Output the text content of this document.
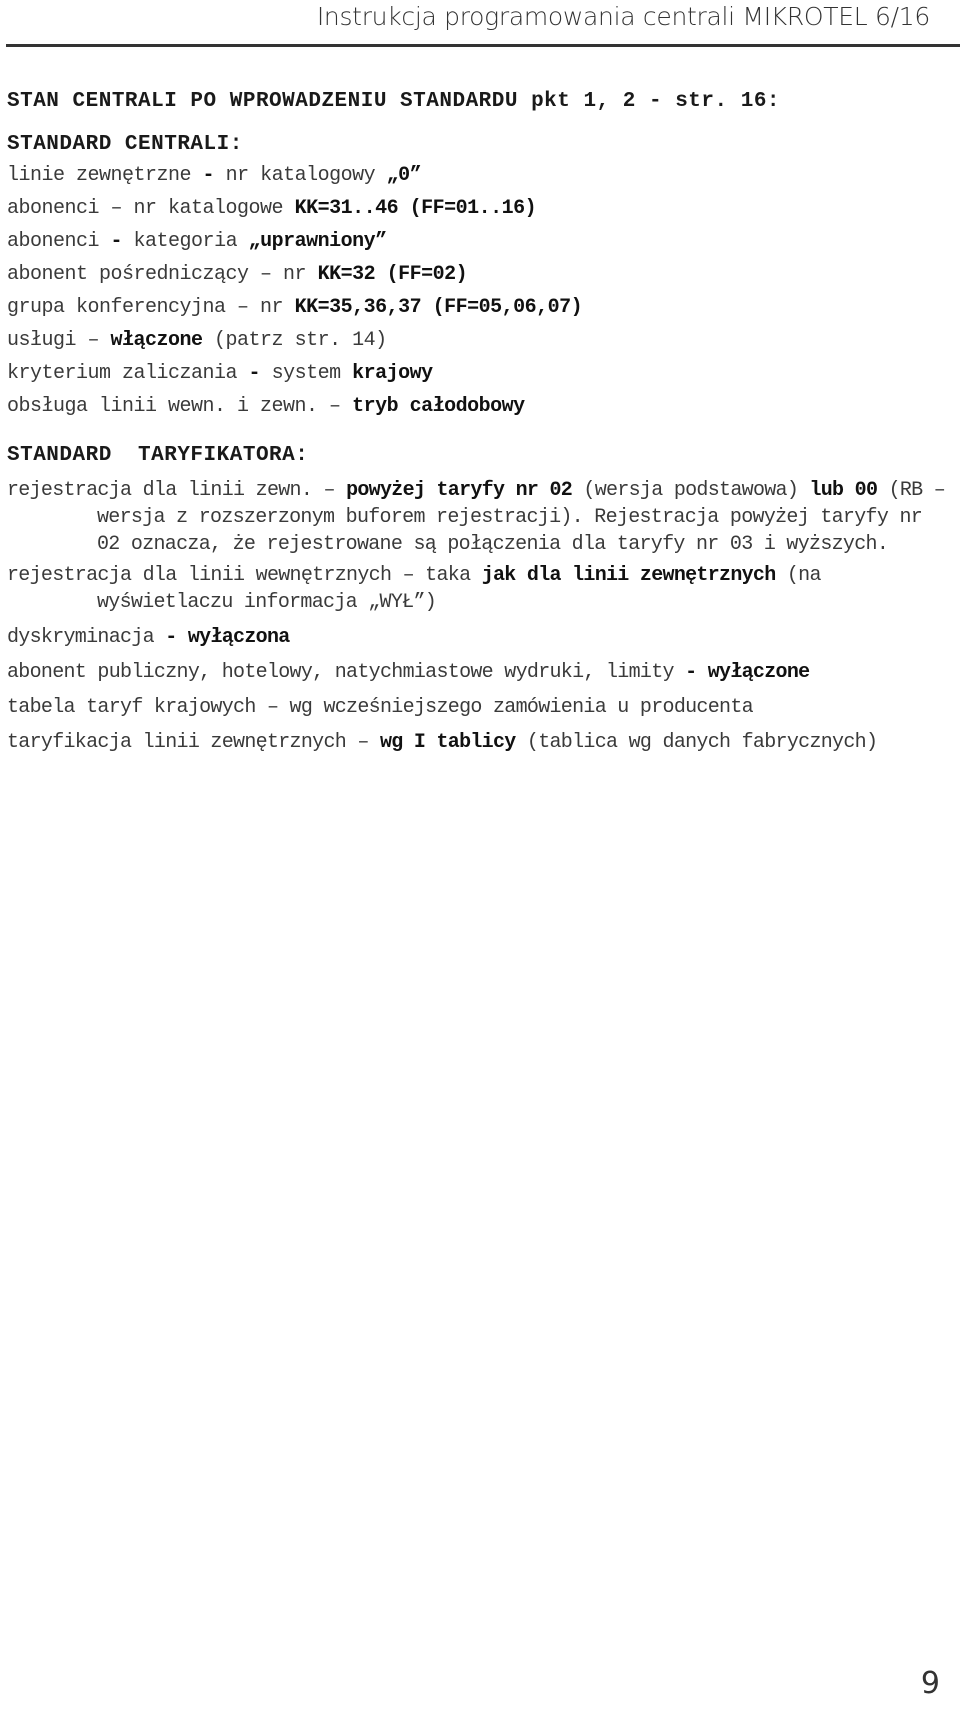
Instrukcja programowania centrali MIKROTEL 6/16
STAN CENTRALI PO WPROWADZENIU STANDARDU pkt 1, 2 - str. 16:
STANDARD CENTRALI:
linie zewnętrzne - nr katalogowy „0”
abonenci – nr katalogowe KK=31..46 (FF=01..16)
abonenci - kategoria „uprawniony”
abonent pośredniczący – nr KK=32 (FF=02)
grupa konferencyjna – nr KK=35,36,37 (FF=05,06,07)
usługi – włączone (patrz str. 14)
kryterium zaliczania - system krajowy
obsługa linii wewn. i zewn. – tryb całodobowy
STANDARD  TARYFIKATORA:
rejestracja dla linii zewn. – powyżej taryfy nr 02 (wersja podstawowa) lub 00 (RB – wersja z rozszerzonym buforem rejestracji). Rejestracja powyżej taryfy nr 02 oznacza, że rejestrowane są połączenia dla taryfy nr 03 i wyższych.
rejestracja dla linii wewnętrznych – taka jak dla linii zewnętrznych (na wyświetlaczu informacja „WYŁ”)
dyskryminacja - wyłączona
abonent publiczny, hotelowy, natychmiastowe wydruki, limity - wyłączone
tabela taryf krajowych – wg wcześniejszego zamówienia u producenta
taryfikacja linii zewnętrznych – wg I tablicy (tablica wg danych fabrycznych)
9
